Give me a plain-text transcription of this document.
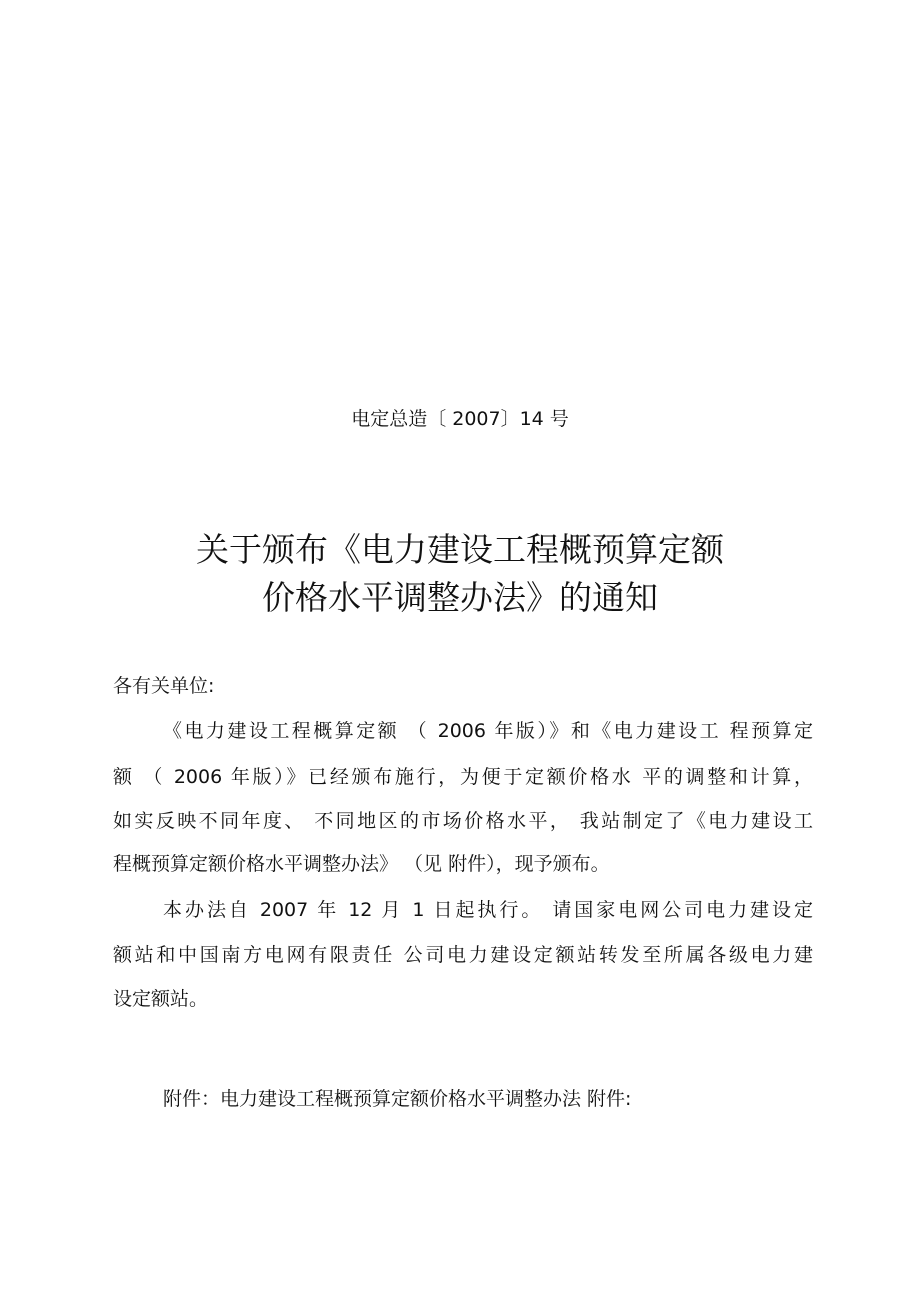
电定总造〔 2007〕14 号
关于颁布《电力建设工程概预算定额
价格水平调整办法》的通知
各有关单位:
《电力建设工程概算定额 （ 2006 年版）》和《电力建设工 程预算定
额 （ 2006 年版）》已经颁布施行，为便于定额价格水 平的调整和计算，
如实反映不同年度、 不同地区的市场价格水平， 我站制定了《电力建设工
程概预算定额价格水平调整办法》 （见 附件），现予颁布。
本办法自 2007 年 12 月 1 日起执行。 请国家电网公司电力建设定
额站和中国南方电网有限责任 公司电力建设定额站转发至所属各级电力建
设定额站。
附件：电力建设工程概预算定额价格水平调整办法 附件:
